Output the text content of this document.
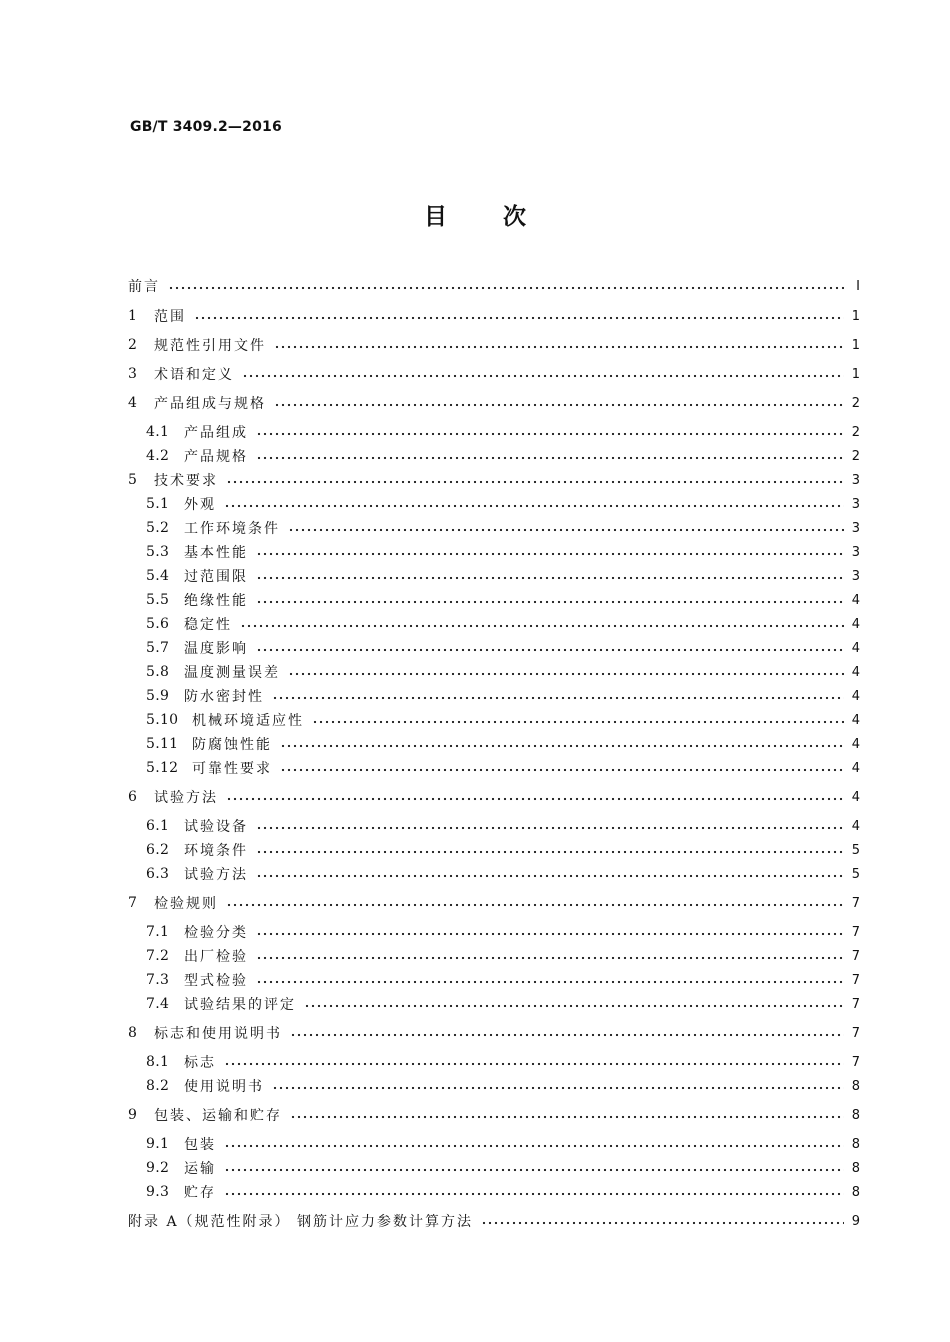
GB/T 3409.2—2016
目 次
前言	Ⅰ
1	范围	1
2	规范性引用文件	1
3	术语和定义	1
4	产品组成与规格	2
4.1	产品组成	2
4.2	产品规格	2
5	技术要求	3
5.1	外观	3
5.2	工作环境条件	3
5.3	基本性能	3
5.4	过范围限	3
5.5	绝缘性能	4
5.6	稳定性	4
5.7	温度影响	4
5.8	温度测量误差	4
5.9	防水密封性	4
5.10 机械环境适应性	4
5.11 防腐蚀性能	4
5.12 可靠性要求	4
6	试验方法	4
6.1	试验设备	4
6.2	环境条件	5
6.3	试验方法	5
7	检验规则	7
7.1	检验分类	7
7.2	出厂检验	7
7.3	型式检验	7
7.4	试验结果的评定	7
8	标志和使用说明书	7
8.1	标志	7
8.2	使用说明书	8
9	包装、运输和贮存	8
9.1	包装	8
9.2	运输	8
9.3	贮存	8
附录 A（规范性附录） 钢筋计应力参数计算方法	9
